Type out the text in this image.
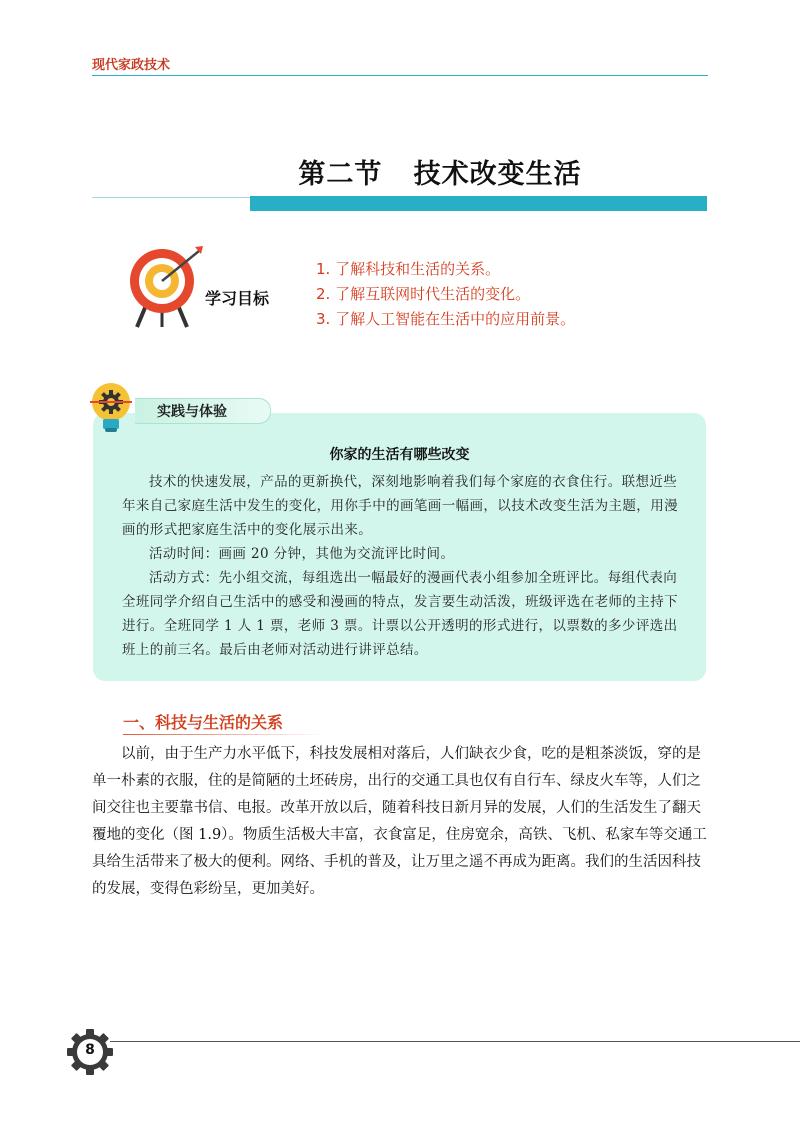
现代家政技术
第二节   技术改变生活
学习目标
1. 了解科技和生活的关系。
2. 了解互联网时代生活的变化。
3. 了解人工智能在生活中的应用前景。
实践与体验
你家的生活有哪些改变

技术的快速发展，产品的更新换代，深刻地影响着我们每个家庭的衣食住行。联想近些年来自己家庭生活中发生的变化，用你手中的画笔画一幅画，以技术改变生活为主题，用漫画的形式把家庭生活中的变化展示出来。

活动时间：画画 20 分钟，其他为交流评比时间。

活动方式：先小组交流，每组选出一幅最好的漫画代表小组参加全班评比。每组代表向全班同学介绍自己生活中的感受和漫画的特点，发言要生动活泼，班级评选在老师的主持下进行。全班同学 1 人 1 票，老师 3 票。计票以公开透明的形式进行，以票数的多少评选出班上的前三名。最后由老师对活动进行讲评总结。

一、科技与生活的关系

以前，由于生产力水平低下，科技发展相对落后，人们缺衣少食，吃的是粗茶淡饭，穿的是单一朴素的衣服，住的是简陋的土坯砖房，出行的交通工具也仅有自行车、绿皮火车等，人们之间交往也主要靠书信、电报。改革开放以后，随着科技日新月异的发展，人们的生活发生了翻天覆地的变化（图 1.9）。物质生活极大丰富，衣食富足，住房宽余，高铁、飞机、私家车等交通工具给生活带来了极大的便利。网络、手机的普及，让万里之遥不再成为距离。我们的生活因科技的发展，变得色彩纷呈，更加美好。

8
